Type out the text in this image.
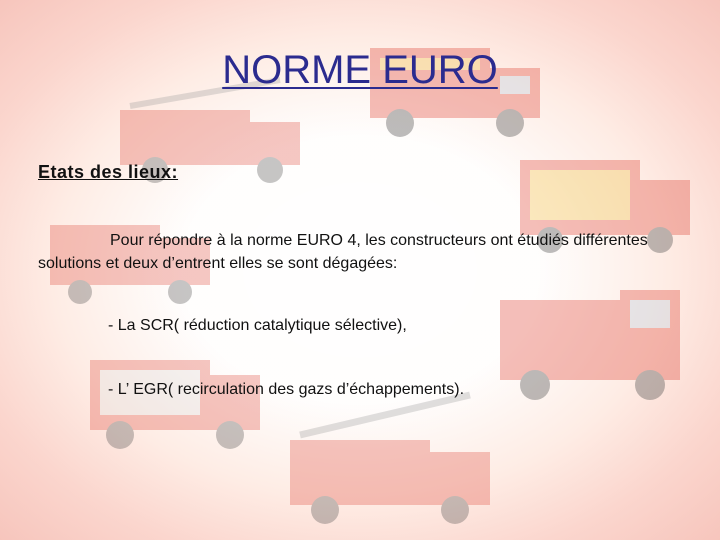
NORME EURO
Etats des lieux:
Pour répondre à la norme EURO 4, les constructeurs ont étudiés différentes solutions et deux d’entrent elles se sont dégagées:
- La SCR( réduction catalytique sélective),
- L’ EGR( recirculation des gazs d’échappements).
